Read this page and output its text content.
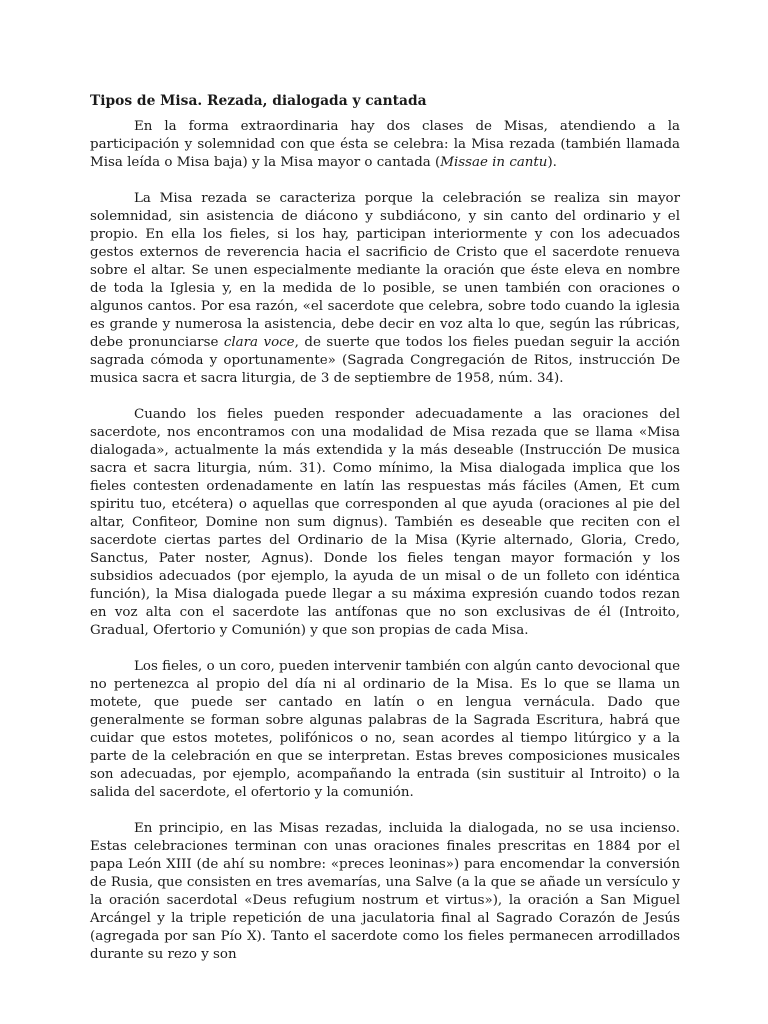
Tipos de Misa. Rezada, dialogada y cantada

En la forma extraordinaria hay dos clases de Misas, atendiendo a la participación y solemnidad con que ésta se celebra: la Misa rezada (también llamada Misa leída o Misa baja) y la Misa mayor o cantada (Missae in cantu).

La Misa rezada se caracteriza porque la celebración se realiza sin mayor solemnidad, sin asistencia de diácono y subdiácono, y sin canto del ordinario y el propio. En ella los fieles, si los hay, participan interiormente y con los adecuados gestos externos de reverencia hacia el sacrificio de Cristo que el sacerdote renueva sobre el altar. Se unen especialmente mediante la oración que éste eleva en nombre de toda la Iglesia y, en la medida de lo posible, se unen también con oraciones o algunos cantos. Por esa razón, «el sacerdote que celebra, sobre todo cuando la iglesia es grande y numerosa la asistencia, debe decir en voz alta lo que, según las rúbricas, debe pronunciarse clara voce, de suerte que todos los fieles puedan seguir la acción sagrada cómoda y oportunamente» (Sagrada Congregación de Ritos, instrucción De musica sacra et sacra liturgia, de 3 de septiembre de 1958, núm. 34).

Cuando los fieles pueden responder adecuadamente a las oraciones del sacerdote, nos encontramos con una modalidad de Misa rezada que se llama «Misa dialogada», actualmente la más extendida y la más deseable (Instrucción De musica sacra et sacra liturgia, núm. 31). Como mínimo, la Misa dialogada implica que los fieles contesten ordenadamente en latín las respuestas más fáciles (Amen, Et cum spiritu tuo, etcétera) o aquellas que corresponden al que ayuda (oraciones al pie del altar, Confiteor, Domine non sum dignus). También es deseable que reciten con el sacerdote ciertas partes del Ordinario de la Misa (Kyrie alternado, Gloria, Credo, Sanctus, Pater noster, Agnus). Donde los fieles tengan mayor formación y los subsidios adecuados (por ejemplo, la ayuda de un misal o de un folleto con idéntica función), la Misa dialogada puede llegar a su máxima expresión cuando todos rezan en voz alta con el sacerdote las antífonas que no son exclusivas de él (Introito, Gradual, Ofertorio y Comunión) y que son propias de cada Misa.

Los fieles, o un coro, pueden intervenir también con algún canto devocional que no pertenezca al propio del día ni al ordinario de la Misa. Es lo que se llama un motete, que puede ser cantado en latín o en lengua vernácula. Dado que generalmente se forman sobre algunas palabras de la Sagrada Escritura, habrá que cuidar que estos motetes, polifónicos o no, sean acordes al tiempo litúrgico y a la parte de la celebración en que se interpretan. Estas breves composiciones musicales son adecuadas, por ejemplo, acompañando la entrada (sin sustituir al Introito) o la salida del sacerdote, el ofertorio y la comunión.

En principio, en las Misas rezadas, incluida la dialogada, no se usa incienso. Estas celebraciones terminan con unas oraciones finales prescritas en 1884 por el papa León XIII (de ahí su nombre: «preces leoninas») para encomendar la conversión de Rusia, que consisten en tres avemarías, una Salve (a la que se añade un versículo y la oración sacerdotal «Deus refugium nostrum et virtus»), la oración a San Miguel Arcángel y la triple repetición de una jaculatoria final al Sagrado Corazón de Jesús (agregada por san Pío X). Tanto el sacerdote como los fieles permanecen arrodillados durante su rezo y son
